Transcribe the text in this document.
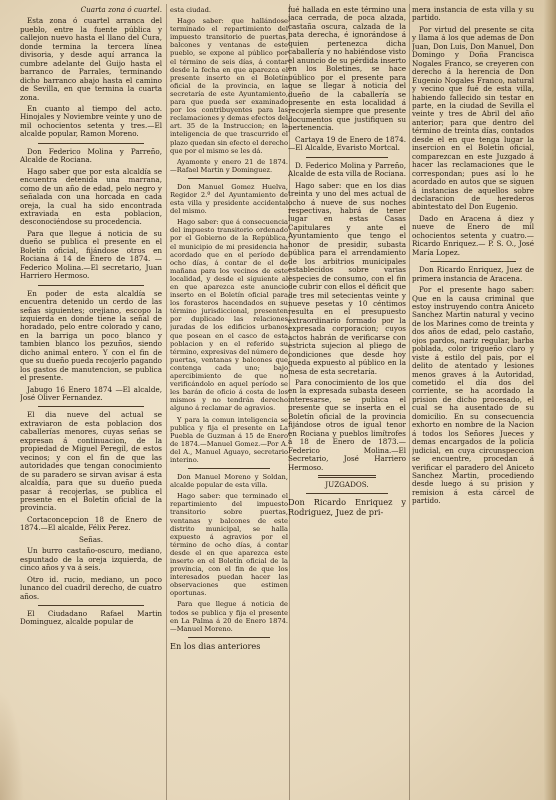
Cuarta zona ó cuartel.

Esta zona ó cuartel arranca del pueblo, entre la fuente pública y callejon nuevo hasta el llano del Cura, donde termina la tercera línea divisoria, y desde aquí arranca la cumbre adelante del Guijo hasta el barranco de Parrales, terminando dicho barranco abajo hasta el camino de Sevilla, en que termina la cuarta zona.

En cuanto al tiempo del acto. Hinojales y Noviembre veinte y uno de mil ochocientos setenta y tres.—El alcalde popular, Ramon Moreno.

Don Federico Molina y Parreño, Alcalde de Rociana.

Hago saber que por esta alcaldía se encuentra detenida una marrana, como de un año de edad, pelo negro y señalada con una horcada en cada oreja, la cual ha sido encontrada extraviada en esta poblacion, desconociéndose su procedencia.

Para que llegue á noticia de su dueño se publica el presente en el Boletín oficial, fijándose otros en Rociana á 14 de Enero de 1874. —Federico Molina.—El secretario, Juan Harriero Hermoso.

En poder de esta alcaldía se encuentra detenido un cerdo de las señas siguientes; orejiano, escopo la izquierda en donde tiene la señal de horadado, pelo entre colorado y cano, en la barriga un poco blanco y tambien blanco los pezuños, siendo dicho animal entero. Y con el fin de que su dueño pueda recojerlo pagando los gastos de manutencion, se publica el presente.

Jabugo 16 Enero 1874 —El alcalde, José Oliver Fernandez.

El dia nueve del actual se extraviaron de esta poblacion dos caballerías menores, cuyas señas se expresan á continuacion, de la propiedad de Miguel Peregil, de estos vecinos; y con el fin de que las autoridades que tengan conocimiento de su paradero se sirvan avisar á esta alcaldía, para que su dueño pueda pasar á recojerlas, se publica el presente en el Boletín oficial de la provincia.

Cortaconcepcion 18 de Enero de 1874.—El alcalde, Félix Perez.

Señas.

Un burro castaño-oscuro, mediano, espuntado de la oreja izquierda, de cinco años y va á seis.

Otro id. rucio, mediano, un poco lunanco del cuadril derecho, de cuatro años.

El Ciudadano Rafael Martin Dominguez, alcalde popular de

esta ciudad.

Hago saber: que hallándose terminado el repartimiento del impuesto transitorio de puertas, balcones y ventanas de este pueblo, se expone al público por el término de seis días, á contar desde la fecha en que aparezca el presente inserto en el Boletín oficial de la provincia, en la secretaría de este Ayuntamiento, para que pueda ser examinado por los contribuyentes para las reclamaciones y demas efectos del art. 35 de la Instruccion; en la inteligencia de que trascurrido el plazo quedan sin efecto el derecho que por el mismo se les dá.

Ayamonte y enero 21 de 1874. —Rafael Martin y Dominguez.

Don Manuel Gomez Huelva, Regidor 2.º del Ayuntamiento de esta villa y presidente accidental del mismo.

Hago saber: que á consecuencia del impuesto transitorio ordenado por el Gobierno de la República, el municipio de mi presidencia ha acordado que en el período de ocho días, á contar de el de mañana para los vecinos de este localidad, y desde el siguiente al en que aparezca este anuncio inserto en el Boletín oficial para los forasteros hacendados en su término jurisdiccional, presenten por duplicado las relaciones juradas de los edificios urbanos que posean en el casco de esta poblacion y en el referido su término, expresivas del número de puertas, ventanas y balcones que contenga cada uno; bajo apercibimiento de que no verificándolo en aquel período se les barán de oficio á costa de los mismos y no tendrán derecho alguno á reclamar de agravios.

Y para la comun inteligencia se publica y fija el presente en La Puebla de Guzman á 15 de Enero de 1874.—Manuel Gomez.—Por A. del A., Manuel Aguayo, secretario interino.

Don Manuel Moreno y Soldan, alcalde popular de esta villa.

Hago saber: que terminado el repartimiento del impuesto transitorio sobre puertas, ventanas y balcones de este distrito municipal, se halla expuesto á agravios por el término de ocho días, á contar desde el en que aparezca este inserto en el Boletín oficial de la provincia, con el fin de que los interesados puedan hacer las observaciones que estimen oportunas.

Para que llegue á noticia de todos se publica y fija el presente en La Palma á 20 de Enero 1874. —Manuel Moreno.

En los dias anteriores

fué hallada en este término una jaca cerrada, de poca alzada, castaña oscura, calzada de la pata derecha, é ignorándose á quien pertenezca dicha caballería y no habiéndose visto el anuncio de su pérdida inserto en los Boletines, se hace público por el presente para que se llegar á noticia del dueño de la caballería se presente en esta localidad á recojerla siempre que presente documentos que justifiquen su pertenencia.

Cartaya 19 de Enero de 1874.—El Alcalde, Evaristo Mortcal.

D. Federico Molina y Parreño, Alcalde de esta villa de Rociana.

Hago saber: que en los dias treinta y uno del mes actual de ocho á nueve de sus noches respectivas, habrá de tener lugar en estas Casas Capitulares y ante el Ayuntamiento que tengo el honor de presidir, subasta pública para el arrendamiento de los arbitrios municipales establecidos sobre varias especies de consumo, con el fin de cubrir con ellos el déficit que de tres mil setecientas veinte y nueve pesetas y 10 céntimos resulta en el presupuesto extraordinario formado por la expresada corporacion; cuyos actos habrán de verificarse con estricta sujecion al pliego de condiciones que desde hoy queda expuesto al público en la mesa de esta secretaría.

Para conocimiento de los que en la expresada subasta deseen interesarse, se publica el presente que se inserta en el Boletín oficial de la provincia fijándose otros de igual tenor en Rociana y pueblos limítrofes á 18 de Enero de 1873.—Federico Molina.—El Secretario, José Harriero Hermoso.

JUZGADOS.

Don Ricardo Enriquez y Rodriguez, Juez de pri-

mera instancia de esta villa y su partido.

Por virtud del presente se cita y llama á los que ademas de Don Juan, Don Luis, Don Manuel, Don Domingo y Doña Francisca Nogales Franco, se creyeren con derecho á la herencia de Don Eugenio Nogales Franco, natural y vecino que fué de esta villa, habiendo fallecido sin testar en parte, en la ciudad de Sevilla el veinte y tres de Abril del año anterior; para que dentro del término de treinta días, contados desde el en que tenga lugar la insercion en el Boletín oficial, comparezcan en este Juzgado á hacer las reclamaciones que le correspondan; pues así lo he acordado en autos que se siguen á instancias de aquellos sobre declaracion de herederos abintestato del Don Eugenio.

Dado en Aracena á diez y nueve de Enero de mil ochocientos setenta y cuatro.—Ricardo Enriquez.— P. S. O., José María Lopez.

Don Ricardo Enriquez, Juez de primera instancia de Aracena.

Por el presente hago saber: Que en la causa criminal que estoy instruyendo contra Aniceto Sanchez Martin natural y vecino de los Marines como de treinta y dos años de edad, pelo castaño, ojos pardos, nariz regular, barba poblada, color trigueño claro y viste á estilo del pais, por el delito de atentado y lesiones menos graves á la Autoridad, cometido el día dos del corriente, se ha acordado la prision de dicho procesado, el cual se ha ausentado de su domicilio. En su consecuencia exhorto en nombre de la Nacion á todos los Señores Jueces y demas encargados de la policía judicial, en cuya circunspeccion se encuentre, procedan á verificar el paradero del Aniceto Sanchez Martin, procediendo desde luego á su prision y remision á esta cárcel de partido.
